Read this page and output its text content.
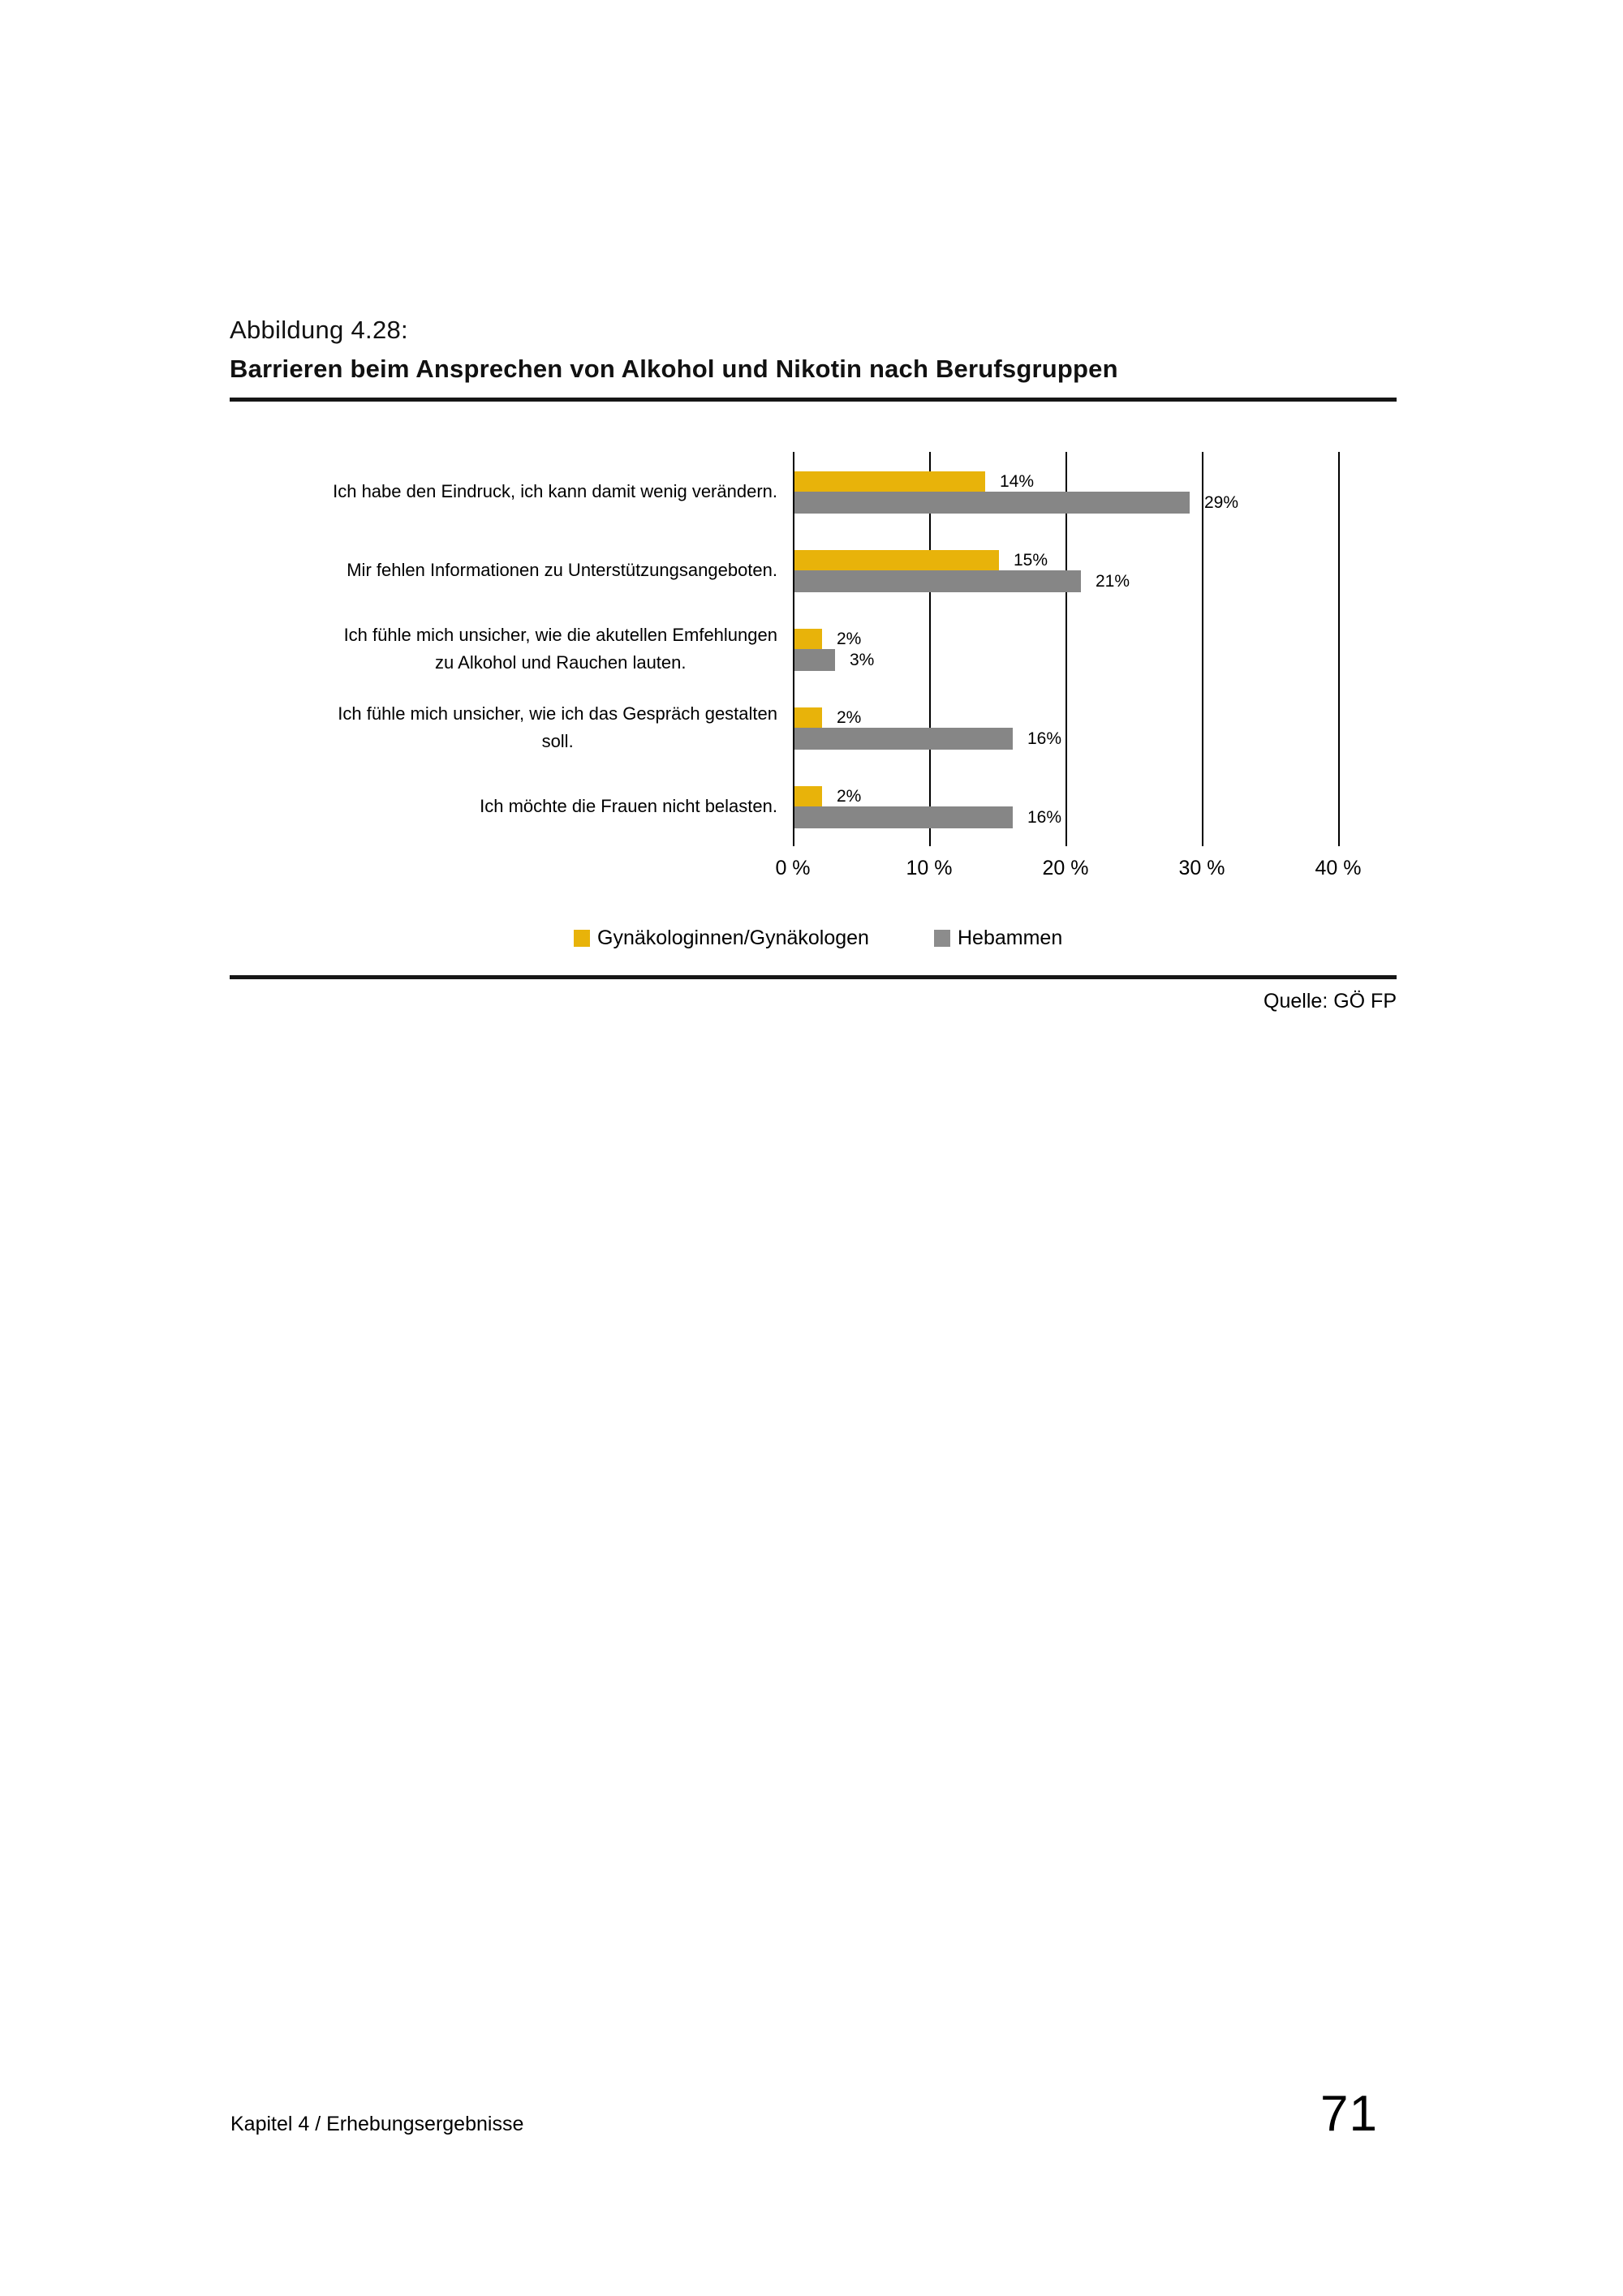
Abbildung 4.28:
Barrieren beim Ansprechen von Alkohol und Nikotin nach Berufsgruppen
Ich habe den Eindruck, ich kann damit wenig verändern.
Mir fehlen Informationen zu Unterstützungsangeboten.
Ich fühle mich unsicher, wie die akutellen Emfehlungen
zu Alkohol und Rauchen lauten.
Ich fühle mich unsicher, wie ich das Gespräch gestalten
soll.
Ich möchte die Frauen nicht belasten.
14%
29%
15%
21%
2%
3%
2%
16%
2%
16%
0 %	10 %	20 %	30 %	40 %
Gynäkologinnen/Gynäkologen	Hebammen
Quelle: GÖ FP
Kapitel 4 / Erhebungsergebnisse	71
